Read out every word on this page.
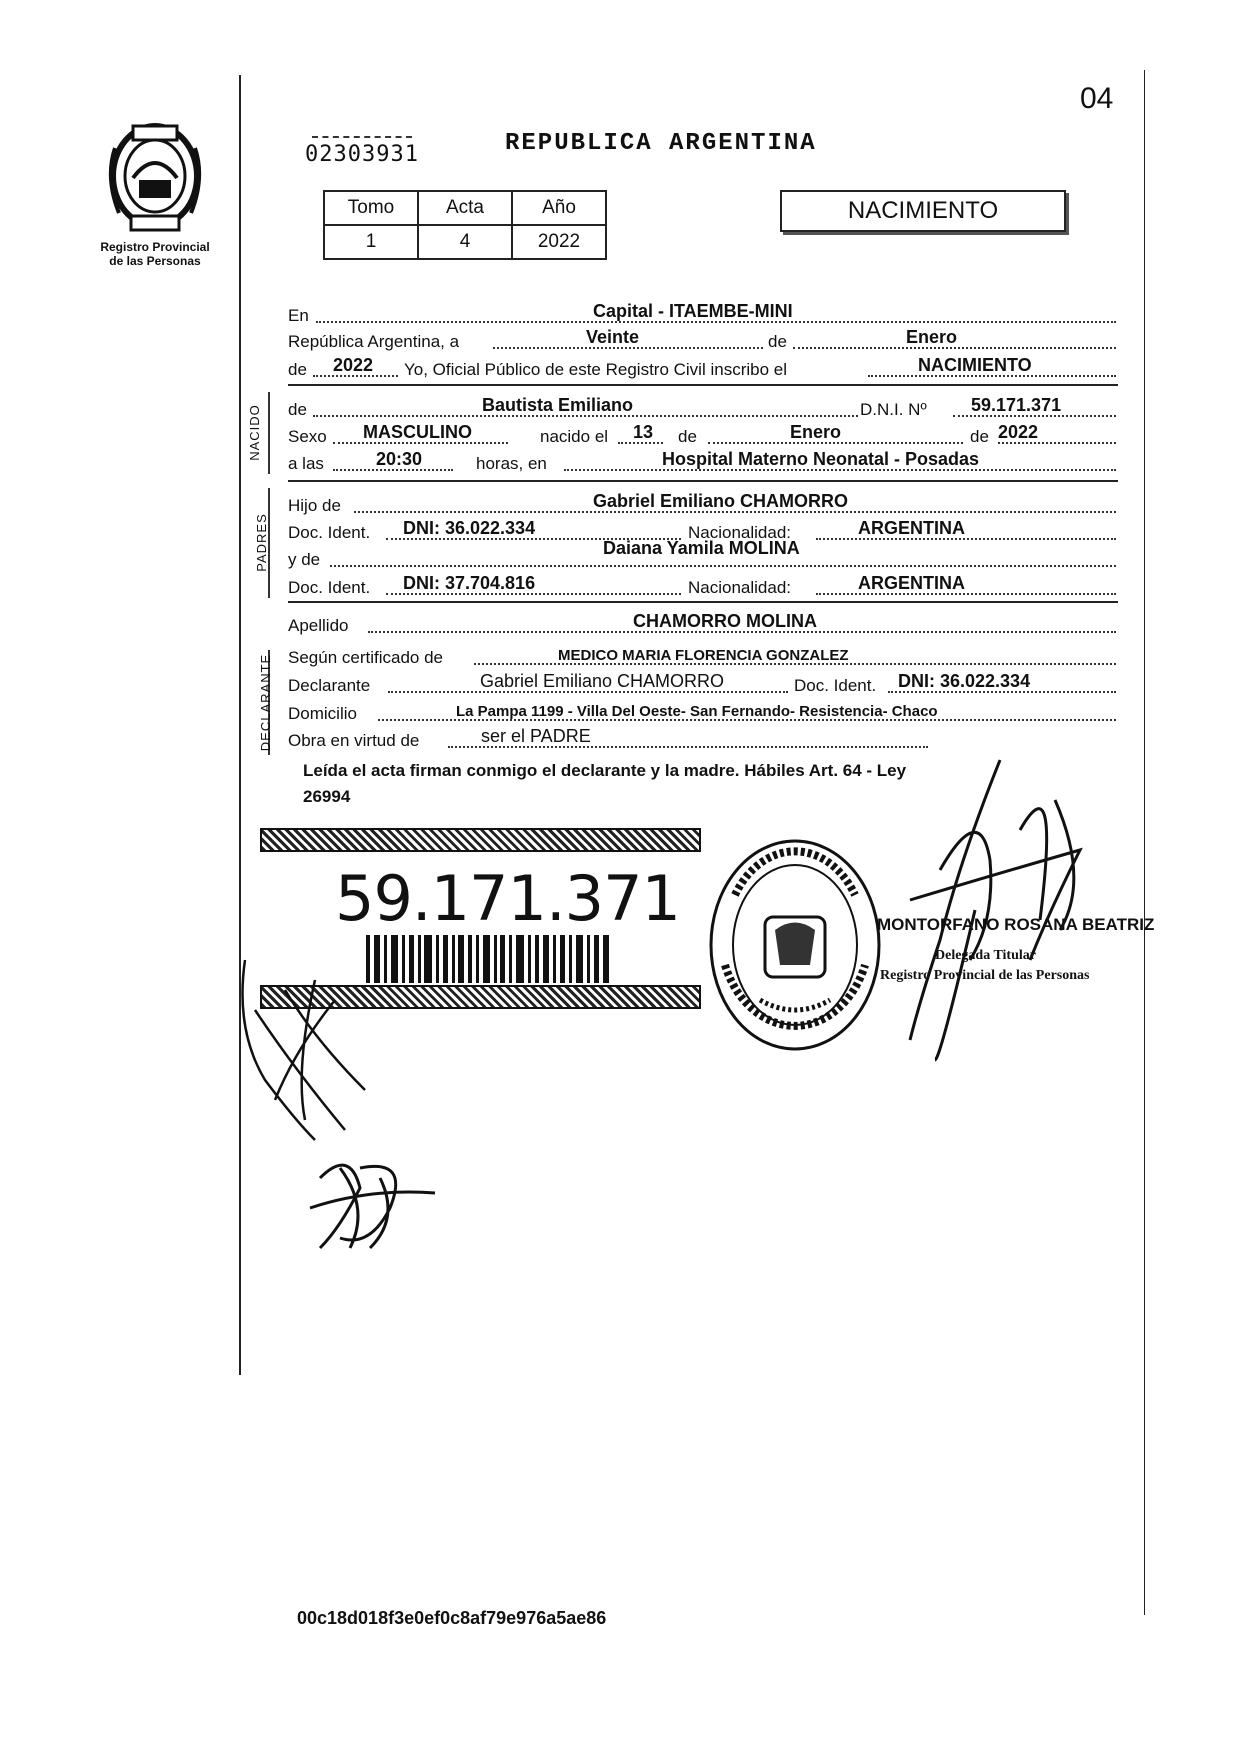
04
Registro Provincial
de las Personas
02303931	REPUBLICA ARGENTINA
Tomo	Acta	Año
1	4	2022
NACIMIENTO
En	Capital - ITAEMBE-MINI
República Argentina, a	Veinte	de	Enero
de 2022 Yo, Oficial Público de este Registro Civil inscribo el	NACIMIENTO
NACIDO de	Bautista Emiliano	D.N.I. Nº 59.171.371
Sexo MASCULINO	nacido el 13 de	Enero	de 2022
a las	20:30	horas, en	Hospital Materno Neonatal - Posadas
PADRES
Hijo de	Gabriel Emiliano CHAMORRO
Doc. Ident. DNI: 36.022.334	Nacionalidad:	ARGENTINA
y de
Daiana Yamila MOLINA
Doc. Ident. DNI: 37.704.816	Nacionalidad:	ARGENTINA
Apellido	CHAMORRO MOLINA
DECLARANTE Según certificado de	MEDICO MARIA FLORENCIA GONZALEZ
Declarante	Gabriel Emiliano CHAMORRO	Doc. Ident. DNI: 36.022.334
Domicilio	La Pampa 1199 - Villa Del Oeste- San Fernando- Resistencia- Chaco
Obra en virtud de	ser el PADRE
Leída el acta firman conmigo el declarante y la madre. Hábiles Art. 64 - Ley
26994
59.171.371	MONTORFANO ROSANA BEATRIZ
Delegada Titular
Registro Provincial de las Personas
00c18d018f3e0ef0c8af79e976a5ae86
